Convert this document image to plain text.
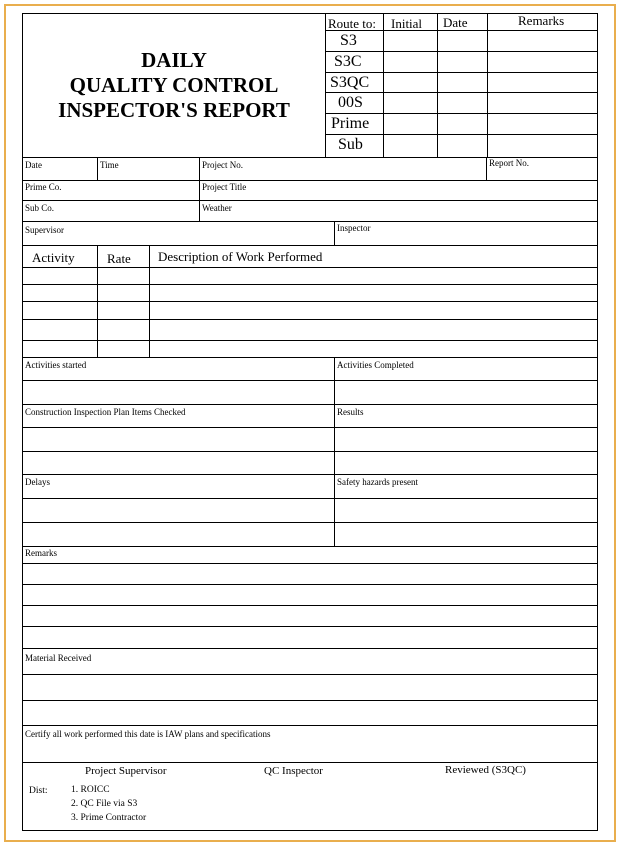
DAILY
QUALITY CONTROL
INSPECTOR'S REPORT
Route to: Initial Date	Remarks
S3
S3C
S3QC
00S
Prime
Sub
Date	Time	Project No.	Report No.
Prime Co.	Project Title
Sub Co.	Weather
Supervisor	Inspector
Activity Rate Description of Work Performed
Activities started	Activities Completed
Construction Inspection Plan Items Checked	Results
Delays	Safety hazards present
Remarks
Material Received
Certify all work performed this date is IAW plans and specifications
Project Supervisor	QC Inspector	Reviewed (S3QC)
Dist: 1. ROICC
2. QC File via S3
3. Prime Contractor
